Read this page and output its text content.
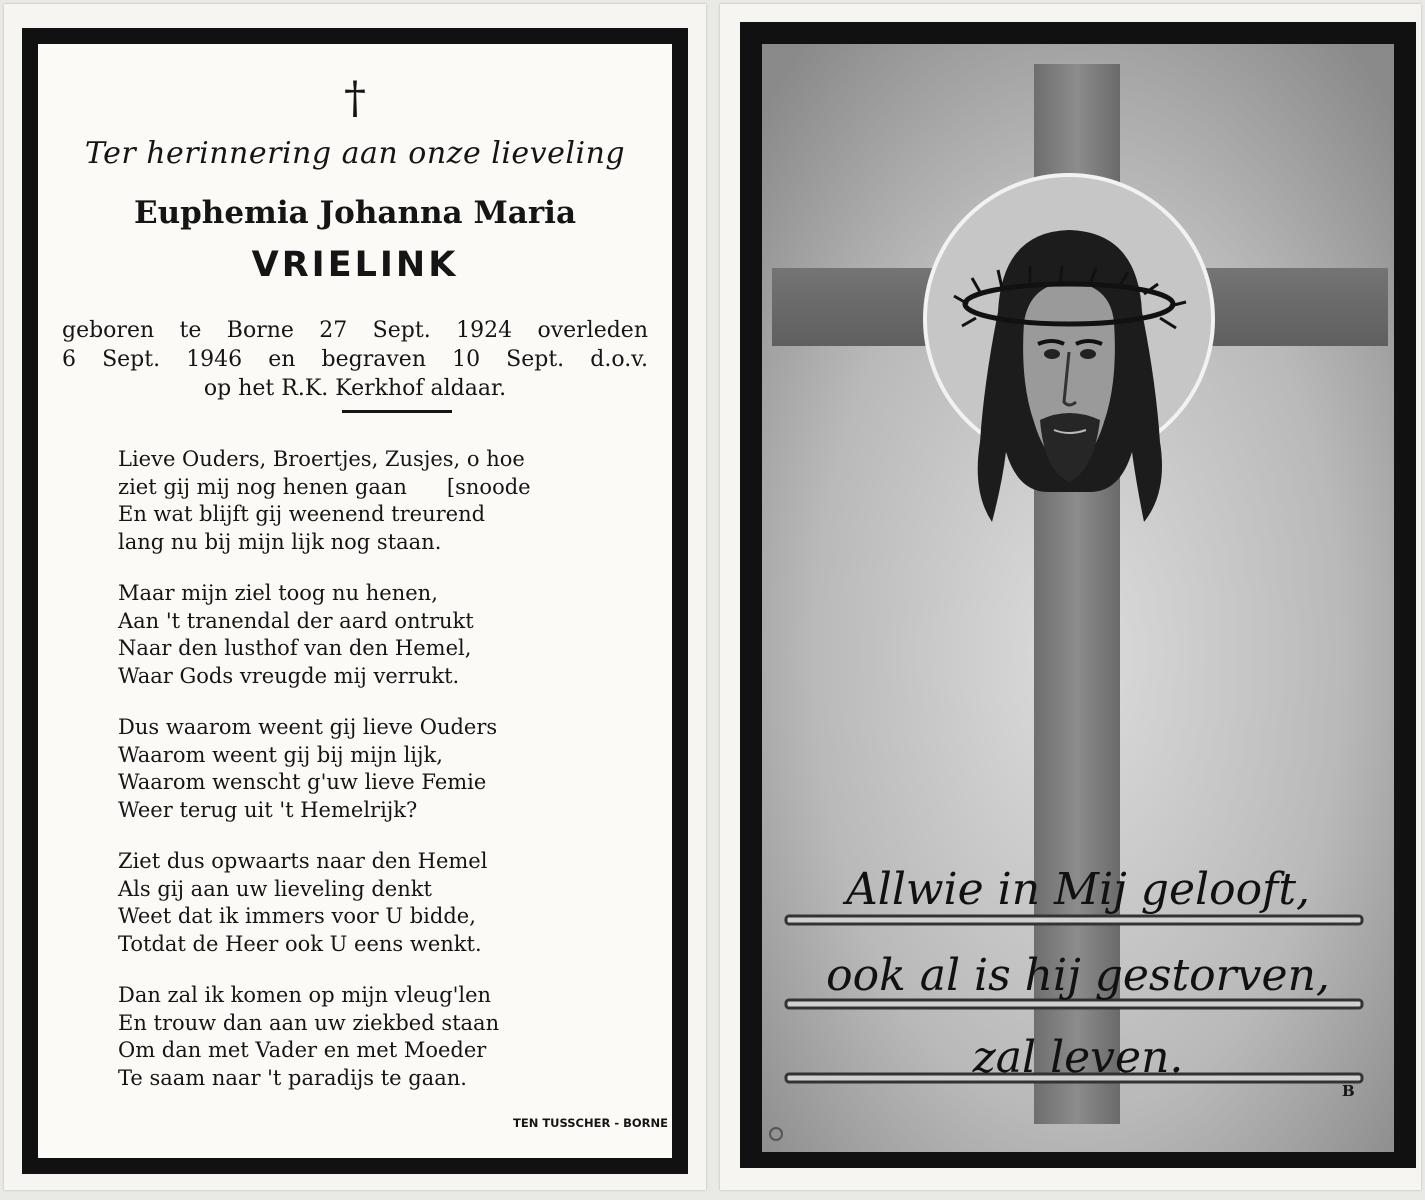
†
Ter herinnering aan onze lieveling
Euphemia Johanna Maria
VRIELINK
geboren te Borne 27 Sept. 1924 overleden
6 Sept. 1946 en begraven 10 Sept. d.o.v.
op het R.K. Kerkhof aldaar.
Lieve Ouders, Broertjes, Zusjes, o hoe
ziet gij mij nog henen gaan      [snoode
En wat blijft gij weenend treurend
lang nu bij mijn lijk nog staan.
Maar mijn ziel toog nu henen,
Aan 't tranendal der aard ontrukt
Naar den lusthof van den Hemel,
Waar Gods vreugde mij verrukt.
Dus waarom weent gij lieve Ouders
Waarom weent gij bij mijn lijk,
Waarom wenscht g'uw lieve Femie
Weer terug uit 't Hemelrijk?
Ziet dus opwaarts naar den Hemel
Als gij aan uw lieveling denkt
Weet dat ik immers voor U bidde,
Totdat de Heer ook U eens wenkt.
Dan zal ik komen op mijn vleug'len
En trouw dan aan uw ziekbed staan
Om dan met Vader en met Moeder
Te saam naar 't paradijs te gaan.
TEN TUSSCHER - BORNE
Allwie in Mij gelooft,
ook al is hij gestorven,
zal leven.
B
